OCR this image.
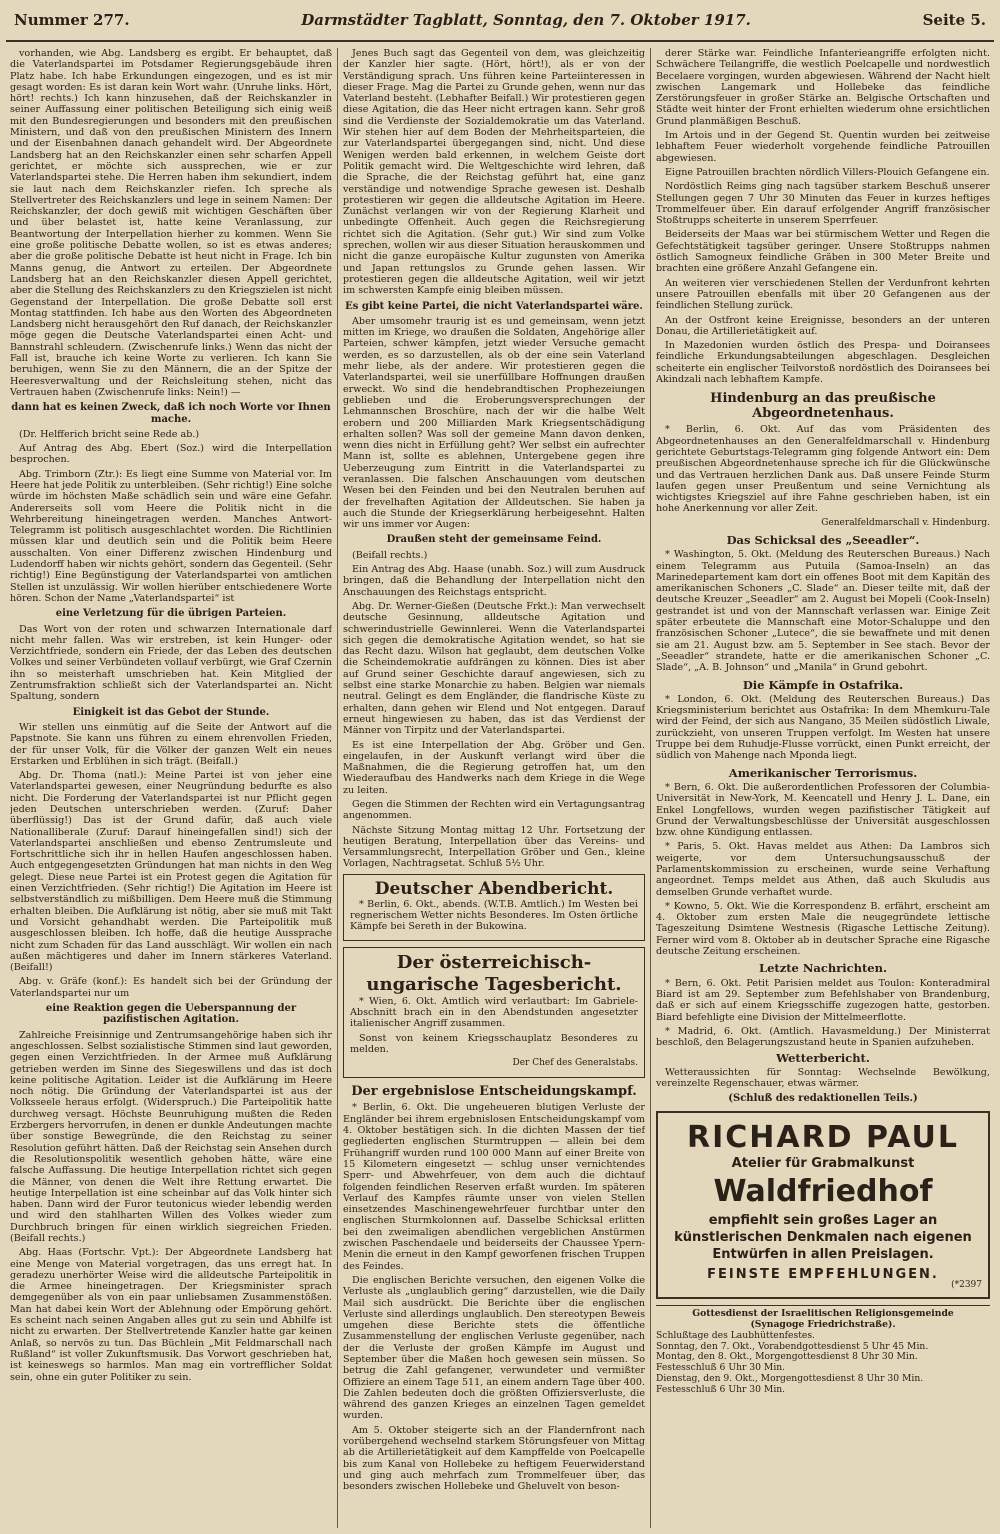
Nummer 277.	Darmstädter Tagblatt, Sonntag, den 7. Oktober 1917.	Seite 5.

vorhanden, wie Abg. Landsberg es ergibt. Er behauptet, daß die Vaterlandspartei im Potsdamer Regierungsgebäude ihren Platz habe. Ich habe Erkundungen eingezogen, und es ist mir gesagt worden: Es ist daran kein Wort wahr. (Unruhe links. Hört, hört! rechts.) Ich kann hinzusehen, daß der Reichskanzler in seiner Auffassung einer politischen Beteiligung sich einig weiß mit den Bundesregierungen und besonders mit den preußischen Ministern, und daß von den preußischen Ministern des Innern und der Eisenbahnen danach gehandelt wird. Der Abgeordnete Landsberg hat an den Reichskanzler einen sehr scharfen Appell gerichtet, er möchte sich aussprechen, wie er zur Vaterlandspartei stehe. Die Herren haben ihm sekundiert, indem sie laut nach dem Reichskanzler riefen. Ich spreche als Stellvertreter des Reichskanzlers und lege in seinem Namen: Der Reichskanzler, der doch gewiß mit wichtigen Geschäften über und über belastet ist, hatte keine Veranlassung, zur Beantwortung der Interpellation hierher zu kommen. Wenn Sie eine große politische Debatte wollen, so ist es etwas anderes; aber die große politische Debatte ist heut nicht in Frage. Ich bin Manns genug, die Antwort zu erteilen. Der Abgeordnete Landsberg hat an den Reichskanzler diesen Appell gerichtet, aber die Stellung des Reichskanzlers zu den Kriegszielen ist nicht Gegenstand der Interpellation. Die große Debatte soll erst Montag stattfinden. Ich habe aus den Worten des Abgeordneten Landsberg nicht herausgehört den Ruf danach, der Reichskanzler möge gegen die Deutsche Vaterlandspartei einen Acht- und Bannstrahl schleudern. (Zwischenrufe links.) Wenn das nicht der Fall ist, brauche ich keine Worte zu verlieren. Ich kann Sie beruhigen, wenn Sie zu den Männern, die an der Spitze der Heeresverwaltung und der Reichsleitung stehen, nicht das Vertrauen haben (Zwischenrufe links: Nein!) —

dann hat es keinen Zweck, daß ich noch Worte vor Ihnen mache.

(Dr. Helfferich bricht seine Rede ab.)

Auf Antrag des Abg. Ebert (Soz.) wird die Interpellation besprochen.

Abg. Trimborn (Ztr.): Es liegt eine Summe von Material vor. Im Heere hat jede Politik zu unterbleiben. (Sehr richtig!) Eine solche würde im höchsten Maße schädlich sein und wäre eine Gefahr. Andererseits soll vom Heere die Politik nicht in die Wehrbereitung hineingetragen werden. Manches Antwort-Telegramm ist politisch ausgeschlachtet worden. Die Richtlinien müssen klar und deutlich sein und die Politik beim Heere ausschalten. Von einer Differenz zwischen Hindenburg und Ludendorff haben wir nichts gehört, sondern das Gegenteil. (Sehr richtig!) Eine Begünstigung der Vaterlandspartei von amtlichen Stellen ist unzulässig. Wir wollen hierüber entschiedenere Worte hören. Schon der Name „Vaterlandspartei“ ist

eine Verletzung für die übrigen Parteien.

Das Wort von der roten und schwarzen Internationale darf nicht mehr fallen. Was wir erstreben, ist kein Hunger- oder Verzichtfriede, sondern ein Friede, der das Leben des deutschen Volkes und seiner Verbündeten vollauf verbürgt, wie Graf Czernin ihn so meisterhaft umschrieben hat. Kein Mitglied der Zentrumsfraktion schließt sich der Vaterlandspartei an. Nicht Spaltung, sondern

Einigkeit ist das Gebot der Stunde.

Wir stellen uns einmütig auf die Seite der Antwort auf die Papstnote. Sie kann uns führen zu einem ehrenvollen Frieden, der für unser Volk, für die Völker der ganzen Welt ein neues Erstarken und Erblühen in sich trägt. (Beifall.)

Abg. Dr. Thoma (natl.): Meine Partei ist von jeher eine Vaterlandspartei gewesen, einer Neugründung bedurfte es also nicht. Die Forderung der Vaterlandspartei ist nur Pflicht gegen jeden Deutschen unterschrieben werden. (Zuruf: Daher überflüssig!) Das ist der Grund dafür, daß auch viele Nationalliberale (Zuruf: Darauf hineingefallen sind!) sich der Vaterlandspartei anschließen und ebenso Zentrumsleute und Fortschrittliche sich ihr in hellen Haufen angeschlossen haben. Auch entgegengesetzten Gründungen hat man nichts in den Weg gelegt. Diese neue Partei ist ein Protest gegen die Agitation für einen Verzichtfrieden. (Sehr richtig!) Die Agitation im Heere ist selbstverständlich zu mißbilligen. Dem Heere muß die Stimmung erhalten bleiben. Die Aufklärung ist nötig, aber sie muß mit Takt und Vorsicht gehandhabt werden. Die Parteipolitik muß ausgeschlossen bleiben. Ich hoffe, daß die heutige Aussprache nicht zum Schaden für das Land ausschlägt. Wir wollen ein nach außen mächtigeres und daher im Innern stärkeres Vaterland. (Beifall!)

Abg. v. Gräfe (konf.): Es handelt sich bei der Gründung der Vaterlandspartei nur um

eine Reaktion gegen die Ueberspannung der pazifistischen Agitation.

Zahlreiche Freisinnige und Zentrumsangehörige haben sich ihr angeschlossen. Selbst sozialistische Stimmen sind laut geworden, gegen einen Verzichtfrieden. In der Armee muß Aufklärung getrieben werden im Sinne des Siegeswillens und das ist doch keine politische Agitation. Leider ist die Aufklärung im Heere noch nötig. Die Gründung der Vaterlandspartei ist aus der Volksseele heraus erfolgt. (Widerspruch.) Die Parteipolitik hatte durchweg versagt. Höchste Beunruhigung mußten die Reden Erzbergers hervorrufen, in denen er dunkle Andeutungen machte über sonstige Bewegründe, die den Reichstag zu seiner Resolution geführt hätten. Daß der Reichstag sein Ansehen durch die Resolutionspolitik wesentlich gehoben hätte, wäre eine falsche Auffassung. Die heutige Interpellation richtet sich gegen die Männer, von denen die Welt ihre Rettung erwartet. Die heutige Interpellation ist eine scheinbar auf das Volk hinter sich haben. Dann wird der Furor teutonicus wieder lebendig werden und wird den stahlharten Willen des Volkes wieder zum Durchbruch bringen für einen wirklich siegreichen Frieden. (Beifall rechts.)

Abg. Haas (Fortschr. Vpt.): Der Abgeordnete Landsberg hat eine Menge von Material vorgetragen, das uns erregt hat. In geradezu unerhörter Weise wird die alldeutsche Parteipolitik in die Armee hineingetragen. Der Kriegsminister sprach demgegenüber als von ein paar unliebsamen Zusammenstößen. Man hat dabei kein Wort der Ablehnung oder Empörung gehört. Es scheint nach seinen Angaben alles gut zu sein und Abhilfe ist nicht zu erwarten. Der Stellvertretende Kanzler hatte gar keinen Anlaß, so nervös zu tun. Das Büchlein „Mit Feldmarschall nach Rußland“ ist voller Zukunftsmusik. Das Vorwort geschrieben hat, ist keineswegs so harmlos. Man mag ein vortrefflicher Soldat sein, ohne ein guter Politiker zu sein.

Jenes Buch sagt das Gegenteil von dem, was gleichzeitig der Kanzler hier sagte. (Hört, hört!), als er von der Verständigung sprach. Uns führen keine Parteiinteressen in dieser Frage. Mag die Partei zu Grunde gehen, wenn nur das Vaterland besteht. (Lebhafter Beifall.) Wir protestieren gegen diese Agitation, die das Heer nicht ertragen kann. Sehr groß sind die Verdienste der Sozialdemokratie um das Vaterland. Wir stehen hier auf dem Boden der Mehrheitsparteien, die zur Vaterlandspartei übergegangen sind, nicht. Und diese Wenigen werden bald erkennen, in welchem Geiste dort Politik gemacht wird. Die Weltgeschichte wird lehren, daß die Sprache, die der Reichstag geführt hat, eine ganz verständige und notwendige Sprache gewesen ist. Deshalb protestieren wir gegen die alldeutsche Agitation im Heere. Zunächst verlangen wir von der Regierung Klarheit und unbedingte Offenheit. Auch gegen die Reichsregierung richtet sich die Agitation. (Sehr gut.) Wir sind zum Volke sprechen, wollen wir aus dieser Situation herauskommen und nicht die ganze europäische Kultur zugunsten von Amerika und Japan rettungslos zu Grunde gehen lassen. Wir protestieren gegen die alldeutsche Agitation, weil wir jetzt im schwersten Kampfe einig bleiben müssen.

Es gibt keine Partei, die nicht Vaterlandspartei wäre.

Aber umsomehr traurig ist es und gemeinsam, wenn jetzt mitten im Kriege, wo draußen die Soldaten, Angehörige aller Parteien, schwer kämpfen, jetzt wieder Versuche gemacht werden, es so darzustellen, als ob der eine sein Vaterland mehr liebe, als der andere. Wir protestieren gegen die Vaterlandspartei, weil sie unerfüllbare Hoffnungen draußen erweckt. Wo sind die hendebrandtischen Prophezeiungen geblieben und die Eroberungsversprechungen der Lehmannschen Broschüre, nach der wir die halbe Welt erobern und 200 Milliarden Mark Kriegsentschädigung erhalten sollen? Was soll der gemeine Mann davon denken, wenn dies nicht in Erfüllung geht? Wer selbst ein aufrechter Mann ist, sollte es ablehnen, Untergebene gegen ihre Ueberzeugung zum Eintritt in die Vaterlandspartei zu veranlassen. Die falschen Anschauungen vom deutschen Wesen bei den Feinden und bei den Neutralen beruhen auf der frevelhaften Agitation der Alldeutschen. Sie haben ja auch die Stunde der Kriegserklärung herbeigesehnt. Halten wir uns immer vor Augen:

Draußen steht der gemeinsame Feind.

(Beifall rechts.)

Ein Antrag des Abg. Haase (unabh. Soz.) will zum Ausdruck bringen, daß die Behandlung der Interpellation nicht den Anschauungen des Reichstags entspricht.

Abg. Dr. Werner-Gießen (Deutsche Frkt.): Man verwechselt deutsche Gesinnung, alldeutsche Agitation und schwerindustrielle Gewinnlerei. Wenn die Vaterlandspartei sich gegen die demokratische Agitation wendet, so hat sie das Recht dazu. Wilson hat geglaubt, dem deutschen Volke die Scheindemokratie aufdrängen zu können. Dies ist aber auf Grund seiner Geschichte darauf angewiesen, sich zu selbst eine starke Monarchie zu haben. Belgien war niemals neutral. Gelingt es dem Engländer, die flandrische Küste zu erhalten, dann gehen wir Elend und Not entgegen. Darauf erneut hingewiesen zu haben, das ist das Verdienst der Männer von Tirpitz und der Vaterlandspartei.

Es ist eine Interpellation der Abg. Gröber und Gen. eingelaufen, in der Auskunft verlangt wird über die Maßnahmen, die die Regierung getroffen hat, um den Wiederaufbau des Handwerks nach dem Kriege in die Wege zu leiten.

Gegen die Stimmen der Rechten wird ein Vertagungsantrag angenommen.

Nächste Sitzung Montag mittag 12 Uhr. Fortsetzung der heutigen Beratung, Interpellation über das Vereins- und Versammlungsrecht, Interpellation Gröber und Gen., kleine Vorlagen, Nachtragsetat. Schluß 5½ Uhr.

Deutscher Abendbericht.

* Berlin, 6. Okt., abends. (W.T.B. Amtlich.) Im Westen bei regnerischem Wetter nichts Besonderes. Im Osten örtliche Kämpfe bei Sereth in der Bukowina.

Der österreichisch-ungarische Tagesbericht.

* Wien, 6. Okt. Amtlich wird verlautbart: Im Gabriele-Abschnitt brach ein in den Abendstunden angesetzter italienischer Angriff zusammen.

Sonst von keinem Kriegsschauplatz Besonderes zu melden.

Der Chef des Generalstabs.
Der ergebnislose Entscheidungskampf.

* Berlin, 6. Okt. Die ungeheueren blutigen Verluste der Engländer bei ihrem ergebnislosen Entscheidungskampf vom 4. Oktober bestätigen sich. In die dichten Massen der tief gegliederten englischen Sturmtruppen — allein bei dem Frühangriff wurden rund 100 000 Mann auf einer Breite von 15 Kilometern eingesetzt — schlug unser vernichtendes Sperr- und Abwehrfeuer, von dem auch die dichtauf folgenden feindlichen Reserven erfaßt wurden. Im späteren Verlauf des Kampfes räumte unser von vielen Stellen einsetzendes Maschinengewehrfeuer furchtbar unter den englischen Sturmkolonnen auf. Dasselbe Schicksal erlitten bei den zweimaligen abendlichen vergeblichen Anstürmen zwischen Paschendaele und beiderseits der Chaussee Ypern-Menin die erneut in den Kampf geworfenen frischen Truppen des Feindes.

Die englischen Berichte versuchen, den eigenen Volke die Verluste als „unglaublich gering“ darzustellen, wie die Daily Mail sich ausdrückt. Die Berichte über die englischen Verluste sind allerdings unglaublich. Den stereotypen Beweis umgehen diese Berichte stets die öffentliche Zusammenstellung der englischen Verluste gegenüber, nach der die Verluste der großen Kämpfe im August und September über die Maßen hoch gewesen sein müssen. So betrug die Zahl gefangener, verwundeter und vermißter Offiziere an einem Tage 511, an einem andern Tage über 400. Die Zahlen bedeuten doch die größten Offiziersverluste, die während des ganzen Krieges an einzelnen Tagen gemeldet wurden.

Am 5. Oktober steigerte sich an der Flandernfront nach vorübergehend wechselnd starkem Störungsfeuer von Mittag ab die Artillerietätigkeit auf dem Kampffelde von Poelcapelle bis zum Kanal von Hollebeke zu heftigem Feuerwiderstand und ging auch mehrfach zum Trommelfeuer über, das besonders zwischen Hollebeke und Gheluvelt von beson-

derer Stärke war. Feindliche Infanterieangriffe erfolgten nicht. Schwächere Teilangriffe, die westlich Poelcapelle und nordwestlich Becelaere vorgingen, wurden abgewiesen. Während der Nacht hielt zwischen Langemark und Hollebeke das feindliche Zerstörungsfeuer in großer Stärke an. Belgische Ortschaften und Städte weit hinter der Front erhielten wiederum ohne ersichtlichen Grund planmäßigen Beschuß.

Im Artois und in der Gegend St. Quentin wurden bei zeitweise lebhaftem Feuer wiederholt vorgehende feindliche Patrouillen abgewiesen.

Eigne Patrouillen brachten nördlich Villers-Plouich Gefangene ein.

Nordöstlich Reims ging nach tagsüber starkem Beschuß unserer Stellungen gegen 7 Uhr 30 Minuten das Feuer in kurzes heftiges Trommelfeuer über. Ein darauf erfolgender Angriff französischer Stoßtrupps scheiterte in unserem Sperrfeuer.

Beiderseits der Maas war bei stürmischem Wetter und Regen die Gefechtstätigkeit tagsüber geringer. Unsere Stoßtrupps nahmen östlich Samogneux feindliche Gräben in 300 Meter Breite und brachten eine größere Anzahl Gefangene ein.

An weiteren vier verschiedenen Stellen der Verdunfront kehrten unsere Patrouillen ebenfalls mit über 20 Gefangenen aus der feindlichen Stellung zurück.

An der Ostfront keine Ereignisse, besonders an der unteren Donau, die Artillerietätigkeit auf.

In Mazedonien wurden östlich des Prespa- und Doiransees feindliche Erkundungsabteilungen abgeschlagen. Desgleichen scheiterte ein englischer Teilvorstoß nordöstlich des Doiransees bei Akindzali nach lebhaftem Kampfe.

Hindenburg an das preußische Abgeordnetenhaus.

* Berlin, 6. Okt. Auf das vom Präsidenten des Abgeordnetenhauses an den Generalfeldmarschall v. Hindenburg gerichtete Geburtstags-Telegramm ging folgende Antwort ein: Dem preußischen Abgeordnetenhause spreche ich für die Glückwünsche und das Vertrauen herzlichen Dank aus. Daß unsere Feinde Sturm laufen gegen unser Preußentum und seine Vernichtung als wichtigstes Kriegsziel auf ihre Fahne geschrieben haben, ist ein hohe Anerkennung vor aller Zeit.

Generalfeldmarschall v. Hindenburg.
Das Schicksal des „Seeadler“.

* Washington, 5. Okt. (Meldung des Reuterschen Bureaus.) Nach einem Telegramm aus Putuila (Samoa-Inseln) an das Marinedepartement kam dort ein offenes Boot mit dem Kapitän des amerikanischen Schoners „C. Slade“ an. Dieser teilte mit, daß der deutsche Kreuzer „Seeadler“ am 2. August bei Mopeli (Cook-Inseln) gestrandet ist und von der Mannschaft verlassen war. Einige Zeit später erbeutete die Mannschaft eine Motor-Schaluppe und den französischen Schoner „Lutece“, die sie bewaffnete und mit denen sie am 21. August bzw. am 5. September in See stach. Bevor der „Seeadler“ strandete, hatte er die amerikanischen Schoner „C. Slade“, „A. B. Johnson“ und „Manila“ in Grund gebohrt.

Die Kämpfe in Ostafrika.

* London, 6. Okt. (Meldung des Reuterschen Bureaus.) Das Kriegsministerium berichtet aus Ostafrika: In dem Mhemkuru-Tale wird der Feind, der sich aus Nangano, 35 Meilen südöstlich Liwale, zurückzieht, von unseren Truppen verfolgt. Im Westen hat unsere Truppe bei dem Ruhudje-Flusse vorrückt, einen Punkt erreicht, der südlich von Mahenge nach Mponda liegt.

Amerikanischer Terrorismus.

* Bern, 6. Okt. Die außerordentlichen Professoren der Columbia-Universität in New-York, M. Keencatell und Henry J. L. Dane, ein Enkel Longfellows, wurden wegen pazifistischer Tätigkeit auf Grund der Verwaltungsbeschlüsse der Universität ausgeschlossen bzw. ohne Kündigung entlassen.

* Paris, 5. Okt. Havas meldet aus Athen: Da Lambros sich weigerte, vor dem Untersuchungsausschuß der Parlamentskommission zu erscheinen, wurde seine Verhaftung angeordnet. Temps meldet aus Athen, daß auch Skuludis aus demselben Grunde verhaftet wurde.

* Kowno, 5. Okt. Wie die Korrespondenz B. erfährt, erscheint am 4. Oktober zum ersten Male die neugegründete lettische Tageszeitung Dsimtene Westnesis (Rigasche Lettische Zeitung). Ferner wird vom 8. Oktober ab in deutscher Sprache eine Rigasche deutsche Zeitung erscheinen.

Letzte Nachrichten.

* Bern, 6. Okt. Petit Parisien meldet aus Toulon: Konteradmiral Biard ist am 29. September zum Befehlshaber von Brandenburg, daß er sich auf einem Kriegsschiffe zugezogen hatte, gestorben. Biard befehligte eine Division der Mittelmeerflotte.

* Madrid, 6. Okt. (Amtlich. Havasmeldung.) Der Ministerrat beschloß, den Belagerungszustand heute in Spanien aufzuheben.

Wetterbericht.

Wetteraussichten für Sonntag: Wechselnde Bewölkung, vereinzelte Regenschauer, etwas wärmer.

(Schluß des redaktionellen Teils.)
RICHARD PAUL
Atelier für Grabmalkunst
Waldfriedhof
empfiehlt sein großes Lager an künstlerischen Denkmalen nach eigenen Entwürfen in allen Preislagen.
FEINSTE EMPFEHLUNGEN.
(*2397
Gottesdienst der Israelitischen Religionsgemeinde
(Synagoge Friedrichstraße).

Schlußtage des Laubhüttenfestes.

Sonntag, den 7. Okt., Vorabendgottesdienst 5 Uhr 45 Min.

Montag, den 8. Okt., Morgengottesdienst 8 Uhr 30 Min.

Festesschluß 6 Uhr 30 Min.

Dienstag, den 9. Okt., Morgengottesdienst 8 Uhr 30 Min.

Festesschluß 6 Uhr 30 Min.
